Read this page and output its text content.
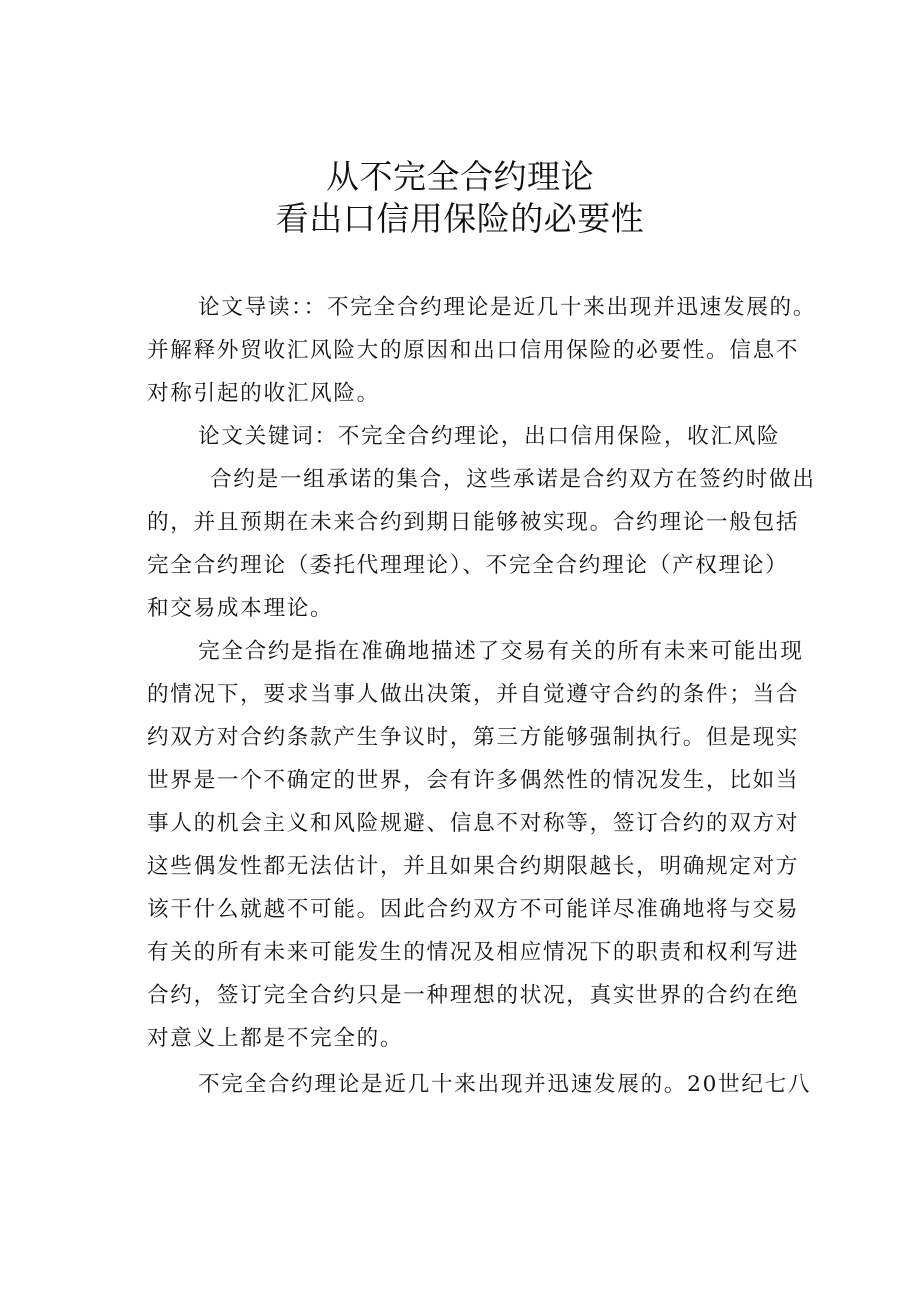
从不完全合约理论
看出口信用保险的必要性
论文导读：：不完全合约理论是近几十来出现并迅速发展的。
并解释外贸收汇风险大的原因和出口信用保险的必要性。信息不
对称引起的收汇风险。
论文关键词：不完全合约理论，出口信用保险，收汇风险
合约是一组承诺的集合，这些承诺是合约双方在签约时做出
的，并且预期在未来合约到期日能够被实现。合约理论一般包括
完全合约理论（委托代理理论）、不完全合约理论（产权理论）
和交易成本理论。
完全合约是指在准确地描述了交易有关的所有未来可能出现
的情况下，要求当事人做出决策，并自觉遵守合约的条件；当合
约双方对合约条款产生争议时，第三方能够强制执行。但是现实
世界是一个不确定的世界，会有许多偶然性的情况发生，比如当
事人的机会主义和风险规避、信息不对称等，签订合约的双方对
这些偶发性都无法估计，并且如果合约期限越长，明确规定对方
该干什么就越不可能。因此合约双方不可能详尽准确地将与交易
有关的所有未来可能发生的情况及相应情况下的职责和权利写进
合约，签订完全合约只是一种理想的状况，真实世界的合约在绝
对意义上都是不完全的。
不完全合约理论是近几十来出现并迅速发展的。20世纪七八
